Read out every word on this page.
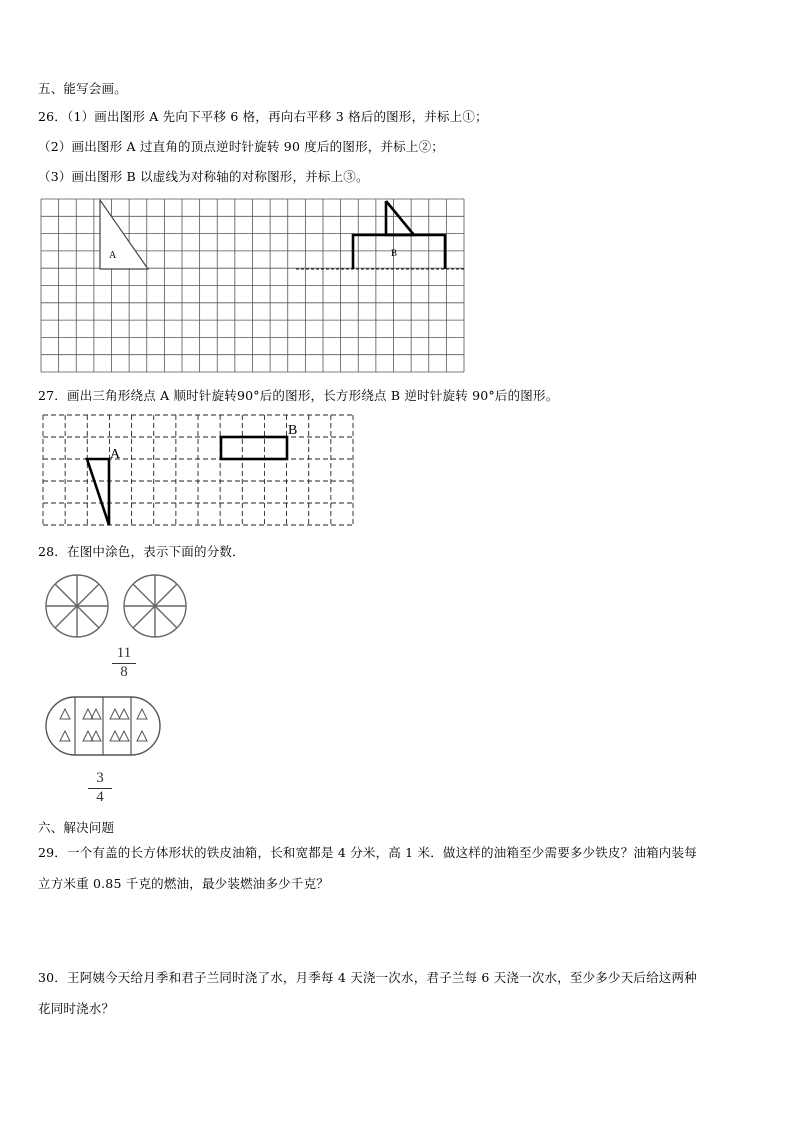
五、能写会画。
26．（1）画出图形 A 先向下平移 6 格，再向右平移 3 格后的图形，并标上①；
（2）画出图形 A 过直角的顶点逆时针旋转 90 度后的图形，并标上②；
（3）画出图形 B 以虚线为对称轴的对称图形，并标上③。
A	B
27．画出三角形绕点 A 顺时针旋转90°后的图形，长方形绕点 B 逆时针旋转 90°后的图形。
A
B
28．在图中涂色，表示下面的分数．
11
8
3
4
六、解决问题
29．一个有盖的长方体形状的铁皮油箱，长和宽都是 4 分米，高 1 米．做这样的油箱至少需要多少铁皮？油箱内装每
立方米重 0.85 千克的燃油，最少装燃油多少千克？
30．王阿姨今天给月季和君子兰同时浇了水，月季每 4 天浇一次水，君子兰每 6 天浇一次水，至少多少天后给这两种
花同时浇水？
